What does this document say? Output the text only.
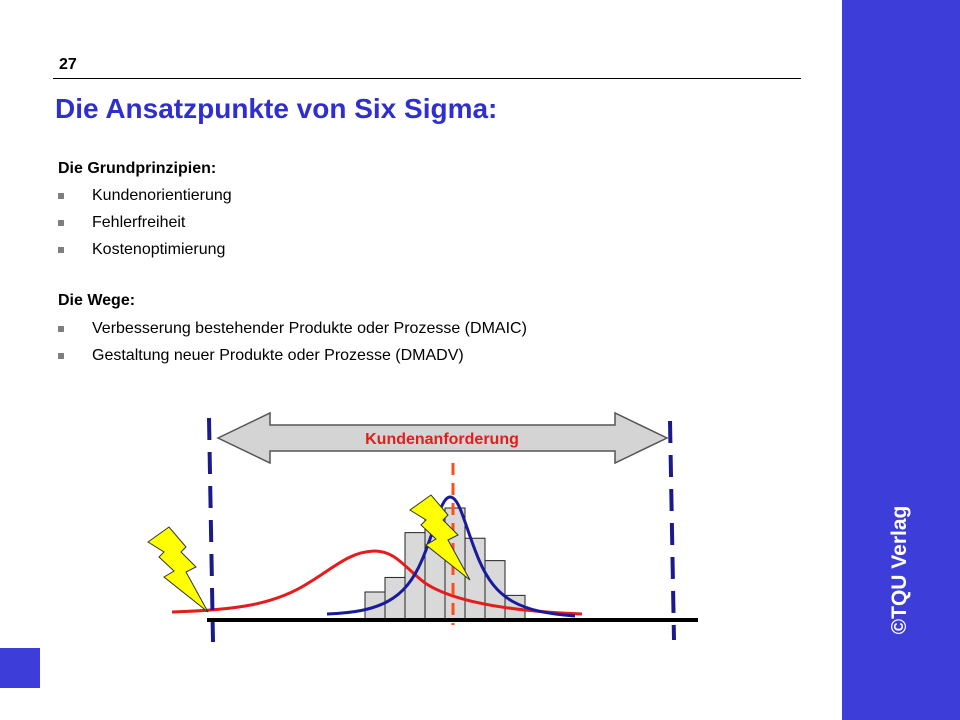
©TQU Verlag
27
Die Ansatzpunkte von Six Sigma:
Die Grundprinzipien:
Kundenorientierung
Fehlerfreiheit
Kostenoptimierung
Die Wege:
Verbesserung bestehender Produkte oder Prozesse (DMAIC)
Gestaltung neuer Produkte oder Prozesse (DMADV)
Kundenanforderung
